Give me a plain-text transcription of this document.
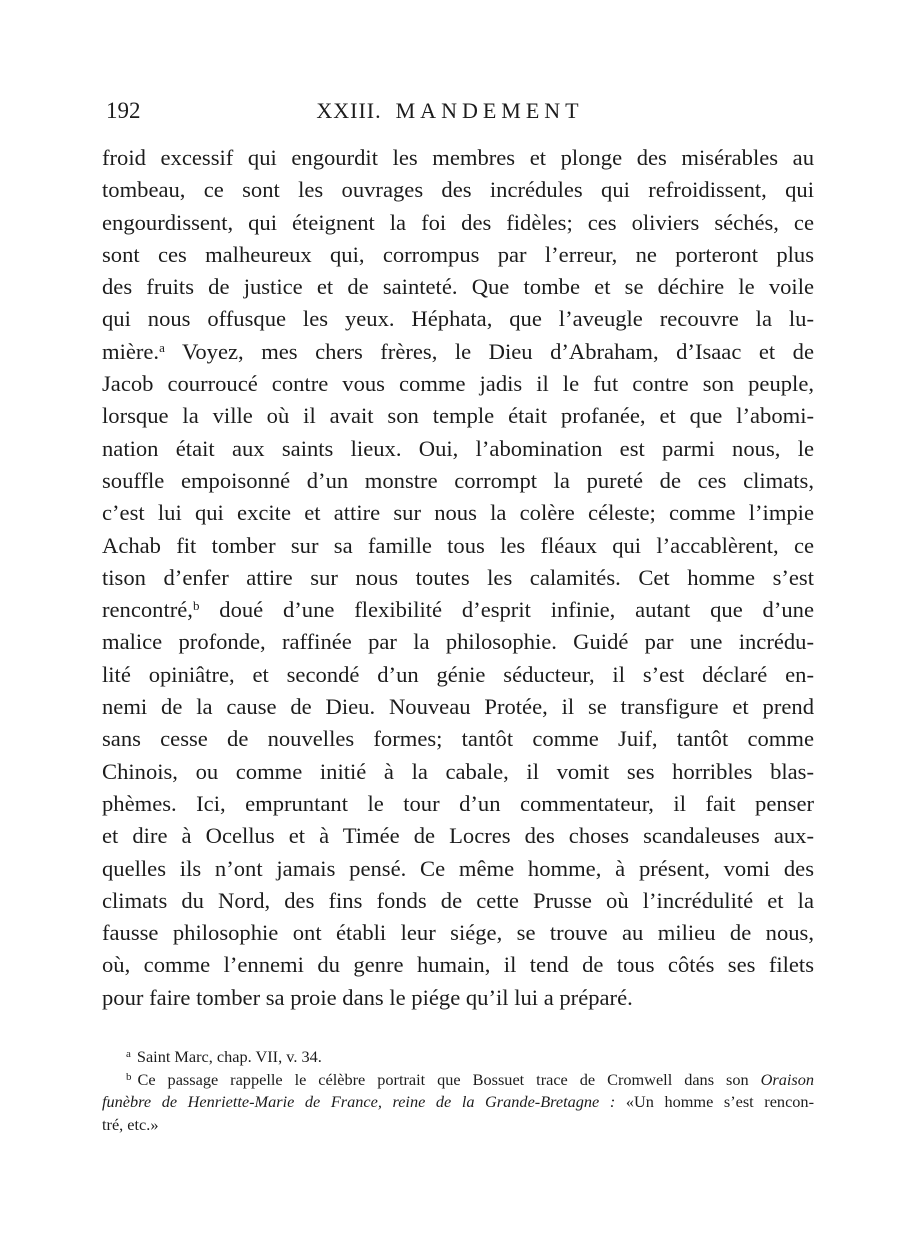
192	XXIII. MANDEMENT
froid excessif qui engourdit les membres et plonge des misérables au
tombeau, ce sont les ouvrages des incrédules qui refroidissent, qui
engourdissent, qui éteignent la foi des fidèles; ces oliviers séchés, ce
sont ces malheureux qui, corrompus par l’erreur, ne porteront plus
des fruits de justice et de sainteté. Que tombe et se déchire le voile
qui nous offusque les yeux. Héphata, que l’aveugle recouvre la lu-
mière.$^a$ Voyez, mes chers frères, le Dieu d’Abraham, d’Isaac et de
Jacob courroucé contre vous comme jadis il le fut contre son peuple,
lorsque la ville où il avait son temple était profanée, et que l’abomi-
nation était aux saints lieux. Oui, l’abomination est parmi nous, le
souffle empoisonné d’un monstre corrompt la pureté de ces climats,
c’est lui qui excite et attire sur nous la colère céleste; comme l’impie
Achab fit tomber sur sa famille tous les fléaux qui l’accablèrent, ce
tison d’enfer attire sur nous toutes les calamités. Cet homme s’est
rencontré,$^b$ doué d’une flexibilité d’esprit infinie, autant que d’une
malice profonde, raffinée par la philosophie. Guidé par une incrédu-
lité opiniâtre, et secondé d’un génie séducteur, il s’est déclaré en-
nemi de la cause de Dieu. Nouveau Protée, il se transfigure et prend
sans cesse de nouvelles formes; tantôt comme Juif, tantôt comme
Chinois, ou comme initié à la cabale, il vomit ses horribles blas-
phèmes. Ici, empruntant le tour d’un commentateur, il fait penser
et dire à Ocellus et à Timée de Locres des choses scandaleuses aux-
quelles ils n’ont jamais pensé. Ce même homme, à présent, vomi des
climats du Nord, des fins fonds de cette Prusse où l’incrédulité et la
fausse philosophie ont établi leur siége, se trouve au milieu de nous,
où, comme l’ennemi du genre humain, il tend de tous côtés ses filets
pour faire tomber sa proie dans le piége qu’il lui a préparé.
$^a$ Saint Marc, chap. VII, v. 34.
$^b$ Ce passage rappelle le célèbre portrait que Bossuet trace de Cromwell dans son Oraison
funèbre de Henriette-Marie de France, reine de la Grande-Bretagne : «Un homme s’est rencon-
tré, etc.»
